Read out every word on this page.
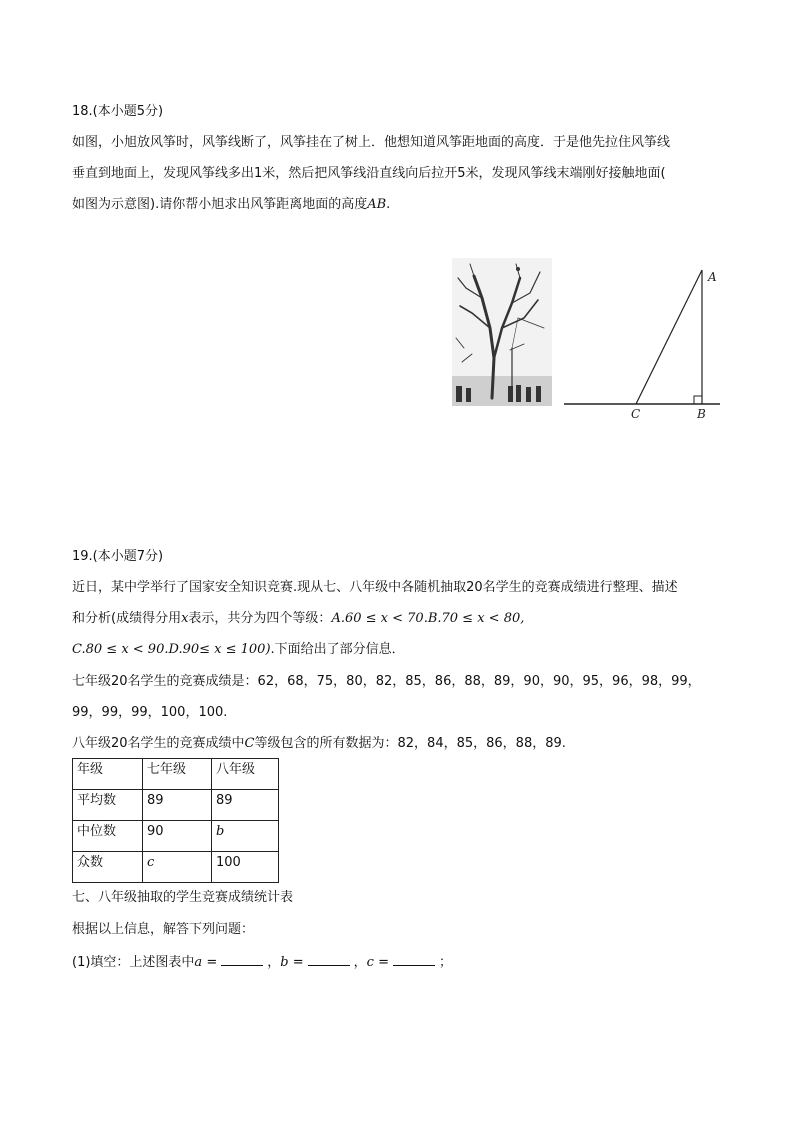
18.(本小题5分)
如图，小旭放风筝时，风筝线断了，风筝挂在了树上．他想知道风筝距地面的高度．于是他先拉住风筝线
垂直到地面上，发现风筝线多出1米，然后把风筝线沿直线向后拉开5米，发现风筝线末端刚好接触地面(
如图为示意图).请你帮小旭求出风筝距离地面的高度AB.
A
B
C
19.(本小题7分)
近日，某中学举行了国家安全知识竞赛.现从七、八年级中各随机抽取20名学生的竞赛成绩进行整理、描述
和分析(成绩得分用x表示，共分为四个等级：A.60 ≤ x < 70.B.70 ≤ x < 80,
C.80 ≤ x < 90.D.90≤ x ≤ 100).下面给出了部分信息．
七年级20名学生的竞赛成绩是：62，68，75，80，82，85，86，88，89，90，90，95，96，98，99，
99，99，99，100，100.
八年级20名学生的竞赛成绩中C等级包含的所有数据为：82，84，85，86，88，89.
年级	七年级	八年级
平均数	89	89
中位数	90	b
众数	c	100
七、八年级抽取的学生竞赛成绩统计表
根据以上信息，解答下列问题：
(1)填空：上述图表中a =	，b =	，c =	；
